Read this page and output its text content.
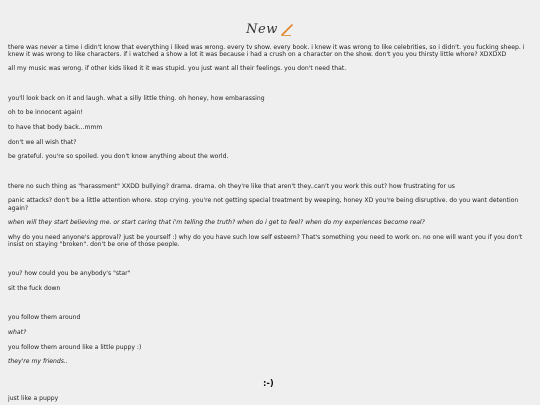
New

there was never a time i didn't know that everything i liked was wrong. every tv show. every book. i knew it was wrong to like celebrities, so i didn't. you fucking sheep. i knew it was wrong to like characters. if i watched a show a lot it was because i had a crush on a character on the show. don't you you thirsty little whore? XDXDXD

all my music was wrong. if other kids liked it it was stupid. you just want all their feelings. you don't need that.

you'll look back on it and laugh. what a silly little thing. oh honey, how embarassing

oh to be innocent again!

to have that body back...mmm

don't we all wish that?

be grateful. you're so spoiled. you don't know anything about the world.

there no such thing as "harassment" XXDD bullying? drama. drama. oh they're like that aren't they..can't you work this out? how frustrating for us

panic attacks? don't be a little attention whore. stop crying. you're not getting special treatment by weeping, honey XD you're being disruptive. do you want detention again?

when will they start believing me. or start caring that i'm telling the truth? when do i get to feel? when do my experiences become real?

why do you need anyone's approval? just be yourself :) why do you have such low self esteem? That's something you need to work on. no one will want you if you don't insist on staying "broken". don't be one of those people.

you? how could you be anybody's "star"

sit the fuck down

you follow them around

what?

you follow them around like a little puppy :)

they're my friends..

just like a puppy

:-)
